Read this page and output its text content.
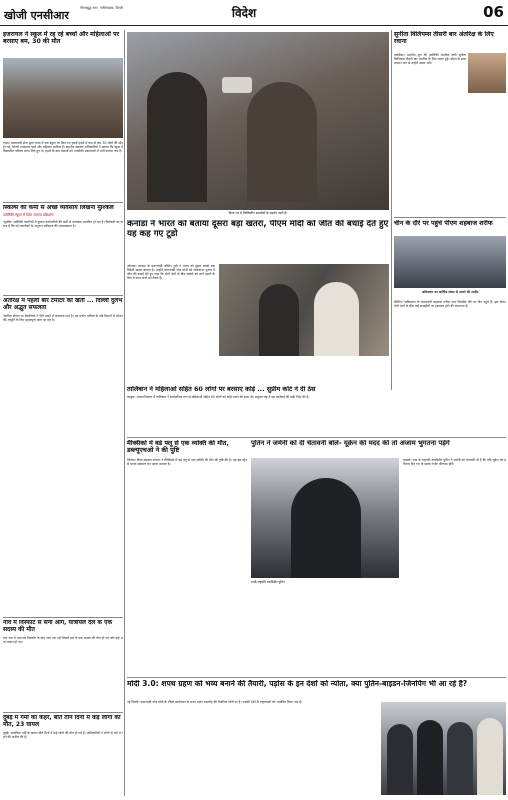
खोजी एनसीआर
गौतमबुद्ध नगर, गाजियाबाद, दिल्ली	विदेश	06
इजरायल ने स्कूल में रह रहे बच्चों और महिलाओं पर बरसाए बम, 30 की मौत
गाजा। इजरायली सेना द्वारा गाजा में एक स्कूल पर किए गए हवाई हमले में कम से कम 30 लोगों की मौत हो गई, जिनमें ज्यादातर बच्चे और महिलाएं शामिल हैं। स्थानीय स्वास्थ्य अधिकारियों ने बताया कि स्कूल में विस्थापित परिवार शरण लिए हुए थे। हमले के बाद घायलों को नजदीकी अस्पतालों में भर्ती कराया गया है।
विश्व भर में फिलिस्तीन समर्थकों के प्रदर्शन जारी हैं।
सुनीता विलियम्स तीसरी बार अंतरिक्ष के लिए रवाना
फ्लोरिडा। भारतीय मूल की अमेरिकी अंतरिक्ष यात्री सुनीता विलियम्स तीसरी बार अंतरिक्ष के लिए रवाना हुईं। बोइंग के स्टारलाइनर यान से उन्होंने उड़ान भरी।
स्किल्स की कमी से अच्छे व्यवसाय लिखना मुश्किल
अमेरिकी स्कूल में दिया जाएगा प्रशिक्षण
न्यूयॉर्क। अमेरिकी कंपनियों में कुशल कर्मचारियों की कमी से कारोबार प्रभावित हो रहा है। विशेषज्ञों का कहना है कि नई तकनीकों के अनुरूप प्रशिक्षण की आवश्यकता है।	कनाडा ने भारत को बताया दूसरा बड़ा खतरा, पीएम मोदी को जीत की बधाई देते हुए यह कह गए टूडो
ओटावा। कनाडा के प्रधानमंत्री जस्टिन ट्रूडो ने भारत को दूसरा सबसे बड़ा विदेशी खतरा बताया है। उन्होंने प्रधानमंत्री नरेंद्र मोदी को लोकसभा चुनाव में जीत की बधाई देते हुए कहा कि दोनों देशों के बीच संबंधों को आगे बढ़ाने के लिए वे काम करने को तैयार हैं।
चीन के दौरे पर पहुंचे पीएम शहबाज शरीफ
पाकिस्तान का आर्थिक संकट से उबरने की उम्मीद
बीजिंग। पाकिस्तान के प्रधानमंत्री शहबाज शरीफ पांच दिवसीय दौरे पर चीन पहुंचे हैं। इस दौरान दोनों देशों के बीच कई समझौतों पर हस्ताक्षर होने की संभावना है।
अंतरिक्ष में पहली बार टमाटर की खेती ... दिल्ली दुर्लभ और अद्भुत सफलता
अंतरिक्ष स्टेशन पर वैज्ञानिकों ने पौधे उगाने में सफलता पाई है। यह प्रयोग भविष्य के लंबे मिशनों में भोजन की आपूर्ति के लिए महत्वपूर्ण माना जा रहा है।
तालिबान ने महिलाओं सहित 60 लोगों पर बरसाए कोड़े ... सुप्रीम कोर्ट ने दी ठेस
काबुल। अफगानिस्तान में तालिबान ने सार्वजनिक रूप से महिलाओं सहित 60 लोगों को कोड़े मारने की सजा दी। संयुक्त राष्ट्र ने इस कार्रवाई की कड़ी निंदा की है।
मैक्सिको में बर्ड फ्लू से एक व्यक्ति की मौत, डब्ल्यूएचओ ने की पुष्टि
जिनेवा। विश्व स्वास्थ्य संगठन ने मैक्सिको में बर्ड फ्लू से एक व्यक्ति की मौत की पुष्टि की है। यह इस स्ट्रेन से मानव संक्रमण का पहला मामला है।
पुतिन ने जर्मनी को दी चेतावनी बोले- यूक्रेन की मदद की तो अंजाम भुगतना पड़ेगे
रूसी राष्ट्रपति व्लादिमीर पुतिन
मास्को। रूस के राष्ट्रपति व्लादिमीर पुतिन ने जर्मनी को चेतावनी दी है कि यदि यूक्रेन को हथियार दिए गए तो इसके गंभीर परिणाम होंगे।
नाव में विस्फोट से सनी आग, यात्रीयल दल के एक सदस्य की मौत
एक नाव में अचानक विस्फोट के बाद आग लग गई जिसमें दल के एक सदस्य की मौत हो गई और कई अन्य घायल हो गए।
मोदी 3.0: शपथ ग्रहण को भव्य बनाने की तैयारी, पड़ोस के इन देशों को न्योता, क्या पुतिन-बाइडन-जिनपिंग भी आ रहे है?
दुबई में गर्मी का कहर, बीते तीन दिनों में कई लोगों की मौत, 23 घायल
दुबई। अत्यधिक गर्मी के कारण बीते दिनों में कई लोगों की मौत हो गई है। अधिकारियों ने लोगों से घरों में रहने की अपील की है।
नई दिल्ली। प्रधानमंत्री नरेंद्र मोदी के तीसरे कार्यकाल के शपथ ग्रहण समारोह की तैयारियां जोरों पर हैं। पड़ोसी देशों के राष्ट्राध्यक्षों को आमंत्रित किया गया है।
